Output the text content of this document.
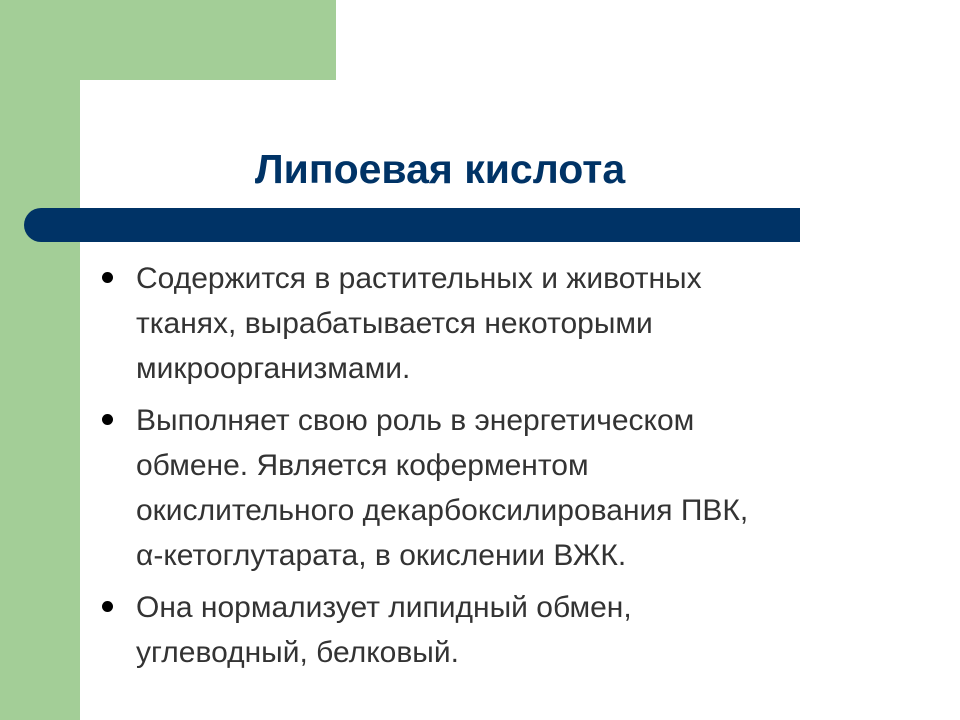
Липоевая кислота
Содержится в растительных и животных
тканях, вырабатывается некоторыми
микроорганизмами.
Выполняет свою роль в энергетическом
обмене. Является коферментом
окислительного декарбоксилирования ПВК,
α-кетоглутарата, в окислении ВЖК.
Она нормализует липидный обмен,
углеводный, белковый.
